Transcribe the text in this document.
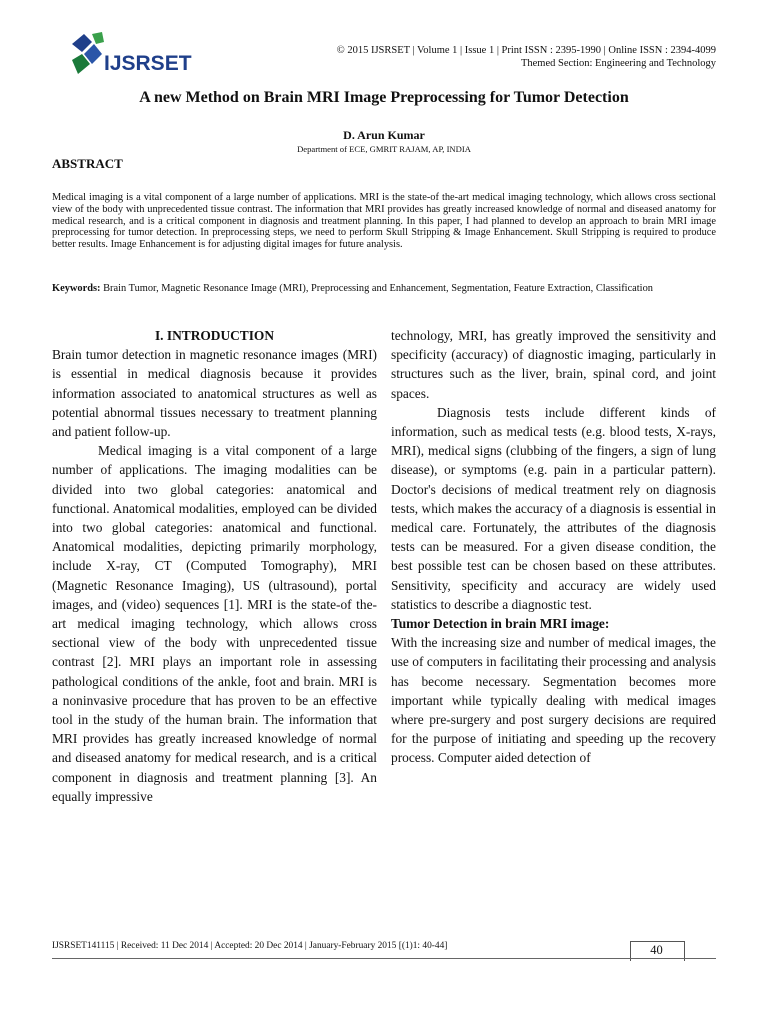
IJSRSET
© 2015 IJSRSET | Volume 1 | Issue 1 | Print ISSN : 2395-1990 | Online ISSN : 2394-4099
Themed Section: Engineering and Technology
A new Method on Brain MRI Image Preprocessing for Tumor Detection
D. Arun Kumar
Department of ECE, GMRIT RAJAM, AP, INDIA
ABSTRACT
Medical imaging is a vital component of a large number of applications. MRI is the state-of the-art medical imaging technology, which allows cross sectional view of the body with unprecedented tissue contrast. The information that MRI provides has greatly increased knowledge of normal and diseased anatomy for medical research, and is a critical component in diagnosis and treatment planning. In this paper, I had planned to develop an approach to brain MRI image preprocessing for tumor detection. In preprocessing steps, we need to perform Skull Stripping & Image Enhancement. Skull Stripping is required to produce better results. Image Enhancement is for adjusting digital images for future analysis.
Keywords: Brain Tumor, Magnetic Resonance Image (MRI), Preprocessing and Enhancement, Segmentation, Feature Extraction, Classification

I. INTRODUCTION

Brain tumor detection in magnetic resonance images (MRI) is essential in medical diagnosis because it provides information associated to anatomical structures as well as potential abnormal tissues necessary to treatment planning and patient follow-up.

Medical imaging is a vital component of a large number of applications. The imaging modalities can be divided into two global categories: anatomical and functional. Anatomical modalities, employed can be divided into two global categories: anatomical and functional. Anatomical modalities, depicting primarily morphology, include X-ray, CT (Computed Tomography), MRI (Magnetic Resonance Imaging), US (ultrasound), portal images, and (video) sequences [1]. MRI is the state-of the-art medical imaging technology, which allows cross sectional view of the body with unprecedented tissue contrast [2]. MRI plays an important role in assessing pathological conditions of the ankle, foot and brain. MRI is a noninvasive procedure that has proven to be an effective tool in the study of the human brain. The information that MRI provides has greatly increased knowledge of normal and diseased anatomy for medical research, and is a critical component in diagnosis and treatment planning [3]. An equally impressive

technology, MRI, has greatly improved the sensitivity and specificity (accuracy) of diagnostic imaging, particularly in structures such as the liver, brain, spinal cord, and joint spaces.

Diagnosis tests include different kinds of information, such as medical tests (e.g. blood tests, X-rays, MRI), medical signs (clubbing of the fingers, a sign of lung disease), or symptoms (e.g. pain in a particular pattern). Doctor's decisions of medical treatment rely on diagnosis tests, which makes the accuracy of a diagnosis is essential in medical care. Fortunately, the attributes of the diagnosis tests can be measured. For a given disease condition, the best possible test can be chosen based on these attributes. Sensitivity, specificity and accuracy are widely used statistics to describe a diagnostic test.

Tumor Detection in brain MRI image:

With the increasing size and number of medical images, the use of computers in facilitating their processing and analysis has become necessary. Segmentation becomes more important while typically dealing with medical images where pre-surgery and post surgery decisions are required for the purpose of initiating and speeding up the recovery process. Computer aided detection of

IJSRSET141115 | Received: 11 Dec 2014 | Accepted: 20 Dec 2014 | January-February 2015 [(1)1: 40-44]	40
